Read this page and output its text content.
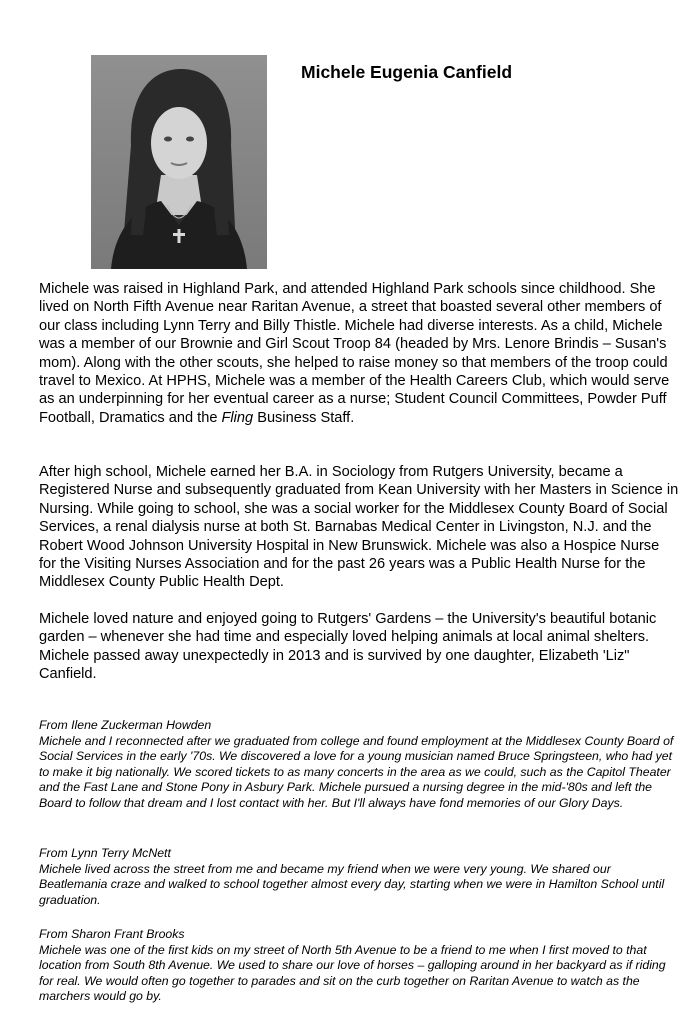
Michele Eugenia Canfield

Michele was raised in Highland Park, and attended Highland Park schools since childhood. She lived on North Fifth Avenue near Raritan Avenue, a street that boasted several other members of our class including Lynn Terry and Billy Thistle. Michele had diverse interests. As a child, Michele was a member of our Brownie and Girl Scout Troop 84 (headed by Mrs. Lenore Brindis – Susan's mom). Along with the other scouts, she helped to raise money so that members of the troop could travel to Mexico. At HPHS, Michele was a member of the Health Careers Club, which would serve as an underpinning for her eventual career as a nurse; Student Council Committees, Powder Puff Football, Dramatics and the Fling Business Staff.

After high school, Michele earned her B.A. in Sociology from Rutgers University, became a Registered Nurse and subsequently graduated from Kean University with her Masters in Science in Nursing. While going to school, she was a social worker for the Middlesex County Board of Social Services, a renal dialysis nurse at both St. Barnabas Medical Center in Livingston, N.J. and the Robert Wood Johnson University Hospital in New Brunswick. Michele was also a Hospice Nurse for the Visiting Nurses Association and for the past 26 years was a Public Health Nurse for the Middlesex County Public Health Dept.

Michele loved nature and enjoyed going to Rutgers' Gardens – the University's beautiful botanic garden – whenever she had time and especially loved helping animals at local animal shelters. Michele passed away unexpectedly in 2013 and is survived by one daughter, Elizabeth 'Liz" Canfield.

From Ilene Zuckerman Howden

Michele and I reconnected after we graduated from college and found employment at the Middlesex County Board of Social Services in the early '70s. We discovered a love for a young musician named Bruce Springsteen, who had yet to make it big nationally. We scored tickets to as many concerts in the area as we could, such as the Capitol Theater and the Fast Lane and Stone Pony in Asbury Park. Michele pursued a nursing degree in the mid-'80s and left the Board to follow that dream and I lost contact with her. But I'll always have fond memories of our Glory Days.

From Lynn Terry McNett

Michele lived across the street from me and became my friend when we were very young. We shared our Beatlemania craze and walked to school together almost every day, starting when we were in Hamilton School until graduation.

From Sharon Frant Brooks

Michele was one of the first kids on my street of North 5th Avenue to be a friend to me when I first moved to that location from South 8th Avenue. We used to share our love of horses – galloping around in her backyard as if riding for real. We would often go together to parades and sit on the curb together on Raritan Avenue to watch as the marchers would go by.
